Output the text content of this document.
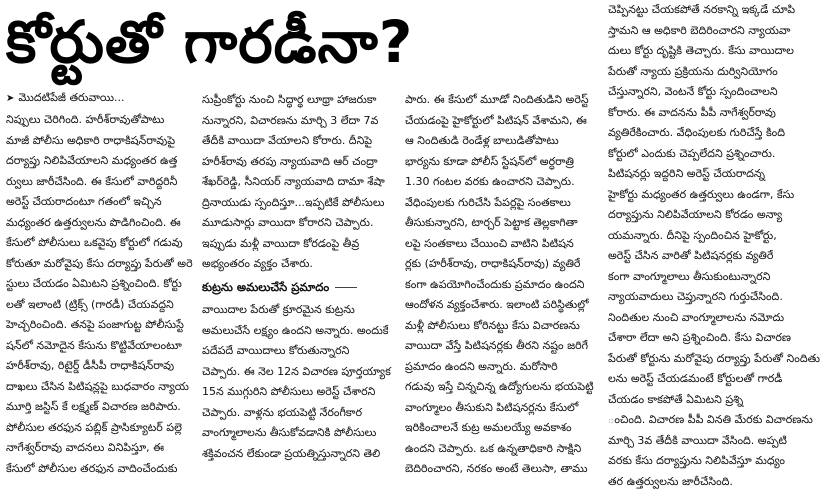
కోర్టుతో గారడీనా?
➤ మొదటిపేజీ తరువాయి...

నిప్పులు చెరిగింది. హరీశ్‌రావుతోపాటు

మాజీ పోలీసు అధికారి రాధాకిషన్‌రావుపై

దర్యాప్తు నిలిపివేయాలని మధ్యంతర ఉత్త

ర్వులు జారీచేసింది. ఈ కేసులో వారిద్దరినీ

అరెస్ట్ చేయరాదంటూ గతంలో ఇచ్చిన

మధ్యంతర ఉత్తర్వులను పొడిగించింది. ఈ

కేసులో పోలీసులు ఒకవైపు కోర్టులో గడువు

కోరుతూ మరోవైపు కేసు దర్యాప్తు పేరుతో అరె

స్టులు చేయడం ఏమిటని ప్రశ్నించింది. కోర్టు

లతో ఇలాంటి (ట్రిక్స్ (గారడీ) చేయవద్దని

హెచ్చరించింది. తనపై పంజాగుట్ట పోలీసుస్టే

షన్‌లో నమోదైన కేసును కొట్టివేయాలంటూ

హరీశ్‌రావు, రిటైర్డ్ డీసీపీ రాధాకిషన్‌రావు

దాఖలు చేసిన పిటిషన్లపై బుధవారం న్యాయ

మూర్తి జస్టిస్ కే లక్ష్మణ్ విచారణ జరిపారు.

పోలీసుల తరఫున పబ్లిక్ ప్రాసిక్యూటర్ పల్లె

నాగేశ్వర్‌రావు వాదనలు వినిపిస్తూ, ఈ

కేసులో పోలీసుల తరఫున వాదించేందుకు

సుప్రీంకోర్టు నుంచి సిద్ధార్థ లూథ్రా హాజరుకా

నున్నారని, విచారణను మార్చి 3 లేదా 7వ

తేదీకి వాయిదా వేయాలని కోరారు. దీనిపై

హరీశ్‌రావు తరపు న్యాయవాది ఆర్ చంద్రా

శేఖర్‌రెడ్డి, సీనియర్ న్యాయవాది దామా శేషా

ద్రినాయుడు స్పందిస్తూ...ఇప్పటికే పోలీసులు

మూడుసార్లు వాయిదా కోరారని చెప్పారు.

ఇప్పుడు మళ్లీ వాయిదా కోరడంపై తీవ్ర

అభ్యంతరం వ్యక్తం చేశారు.

కుట్రను అమలుచేసే ప్రమాదం

వాయిదాల పేరుతో క్రూరమైన కుట్రను

అమలుచేసే లక్ష్యం ఉందని అన్నారు. అందుకే

పదేపదే వాయిదాలు కోరుతున్నారని

చెప్పారు. ఈ నెల 12న విచారణ పూర్తయ్యాక

15న ముగ్గురిని పోలీసులు అరెస్ట్ చేశారని

చెప్పారు. వాళ్లను భయపెట్టి నేరంగీకార

వాంగ్మూలాలను తీసుకోవడానికి పోలీసులు

శక్తివంచన లేకుండా ప్రయత్నిస్తున్నారని తెలి

పారు. ఈ కేసులో మూడో నిందితుడిని అరెస్ట్

చేయడంపై హైకోర్టులో పిటిషన్ వేశామని, ఈ

ఆ నిందితుడి రెండేళ్ల బాలుడితోపాటు

భార్యను కూడా పోలీస్ స్టేషన్‌లో అర్ధరాత్రి

1.30 గంటల వరకు ఉంచారని చెప్పారు.

వేధింపులకు గురిచేసి పేపర్లపై సంతకాలు

తీసుకున్నారని, టార్చర్ పెట్టాక తెల్లకాగితా

లపై సంతకాలు చేయించి వాటిని పిటిషన

ర్లకు (హరీశ్‌రావు, రాధాకిషన్‌రావు) వ్యతిరే

కంగా ఉపయోగించేందుకు ప్రమాదం ఉందని

ఆందోళన వ్యక్తంచేశారు. ఇలాంటి పరిస్థితుల్లో

మళ్లీ పోలీసులు కోరినట్టు కేసు విచారణను

వాయిదా వేస్తే పిటిషనర్లకు తీరని నష్టం జరిగే

ప్రమాదం ఉందని అన్నారు. మరోసారి

గడువు ఇస్తే చిన్నచిన్న ఉద్యోగులను భయపెట్టి

వాంగ్మూలం తీసుకుని పిటిషనర్లను కేసులో

ఇరికించాలనే కుట్ర అమలయ్యే అవకాశం

ఉందని చెప్పారు. ఒక ఉన్నతాధికారి సాక్షిని

బెదిరించారని, నరకం అంటే తెలుసా, తాము

చెప్పినట్టు చేయకపోతే నరకాన్ని ఇక్కడే చూపి

స్తామని ఆ అధికారి బెదిరించారని న్యాయవా

దులు కోర్టు దృష్టికి తెచ్చారు. కేసు వాయిదాల

పేరుతో న్యాయ ప్రక్రియను దుర్వినియోగం

చేస్తున్నారని, వెంటనే కోర్టు స్పందించాలని

కోరారు. ఈ వాదనను పీపీ నాగేశ్వర్‌రావు

వ్యతిరేకించారు. వేధింపులకు గురిచేస్తే కింది

కోర్టులో ఎందుకు చెప్పలేదని ప్రశ్నించారు.

పిటిషనర్లు ఇద్దరిని అరెస్ట్ చేయరాదన్న

హైకోర్టు మధ్యంతర ఉత్తర్వులు ఉండగా, కేసు

దర్యాప్తును నిలిపివేయాలని కోరడం అన్యా

యమన్నారు. దీనిపై స్పందించిన హైకోర్టు,

అరెస్ట్ చేసిన వారితో పిటిషనర్లకు వ్యతిరే

కంగా వాంగ్మూలాలు తీసుకుంటున్నారని

న్యాయవాదులు చెప్తున్నారని గుర్తుచేసింది.

నిందితుల నుంచి వాంగ్మూలాలను నమోదు

చేశారా లేదా అని ప్రశ్నించింది. కేసు విచారణ

పేరుతో కోర్టును మరోవైపు దర్యాప్తు పేరుతో నిందితు

లను అరెస్ట్ చేయడమంటే కోర్టులతో గారడీ

చేయడం కాకపోతే ఏమిటని ప్రశ్ని

ంచింది. విచారణ పీపీ వినతి మేరకు విచారణను

మార్చి 3వ తేదీకి వాయిదా వేసింది. అప్పటి

వరకు కేసు దర్యాప్తును నిలిపివేస్తూ మధ్యం

తర ఉత్తర్వులను జారీచేసింది.
